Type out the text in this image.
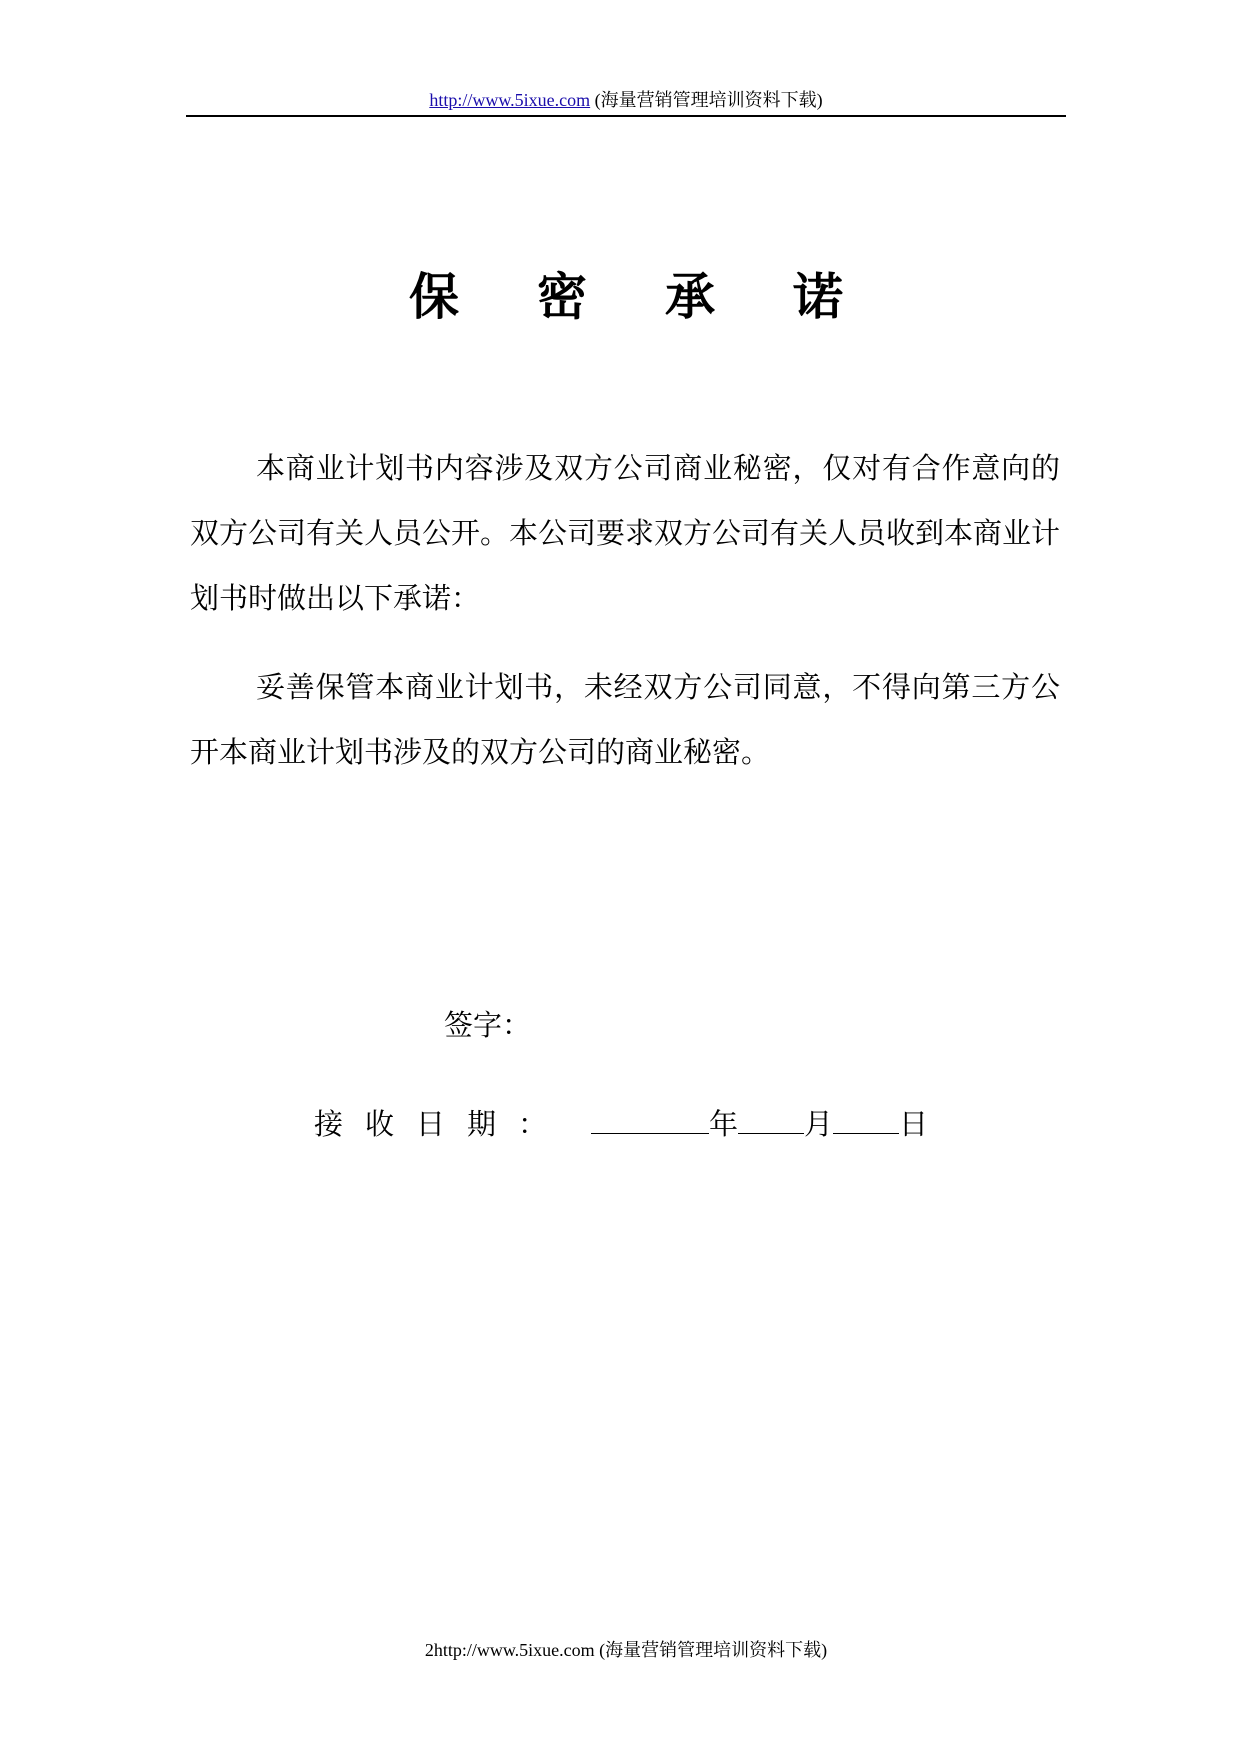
http://www.5ixue.com (海量营销管理培训资料下载)
保密承诺

本商业计划书内容涉及双方公司商业秘密，仅对有合作意向的双方公司有关人员公开。本公司要求双方公司有关人员收到本商业计划书时做出以下承诺：

妥善保管本商业计划书，未经双方公司同意，不得向第三方公开本商业计划书涉及的双方公司的商业秘密。

签字：
接收日期：	年 月 日
2http://www.5ixue.com (海量营销管理培训资料下载)
